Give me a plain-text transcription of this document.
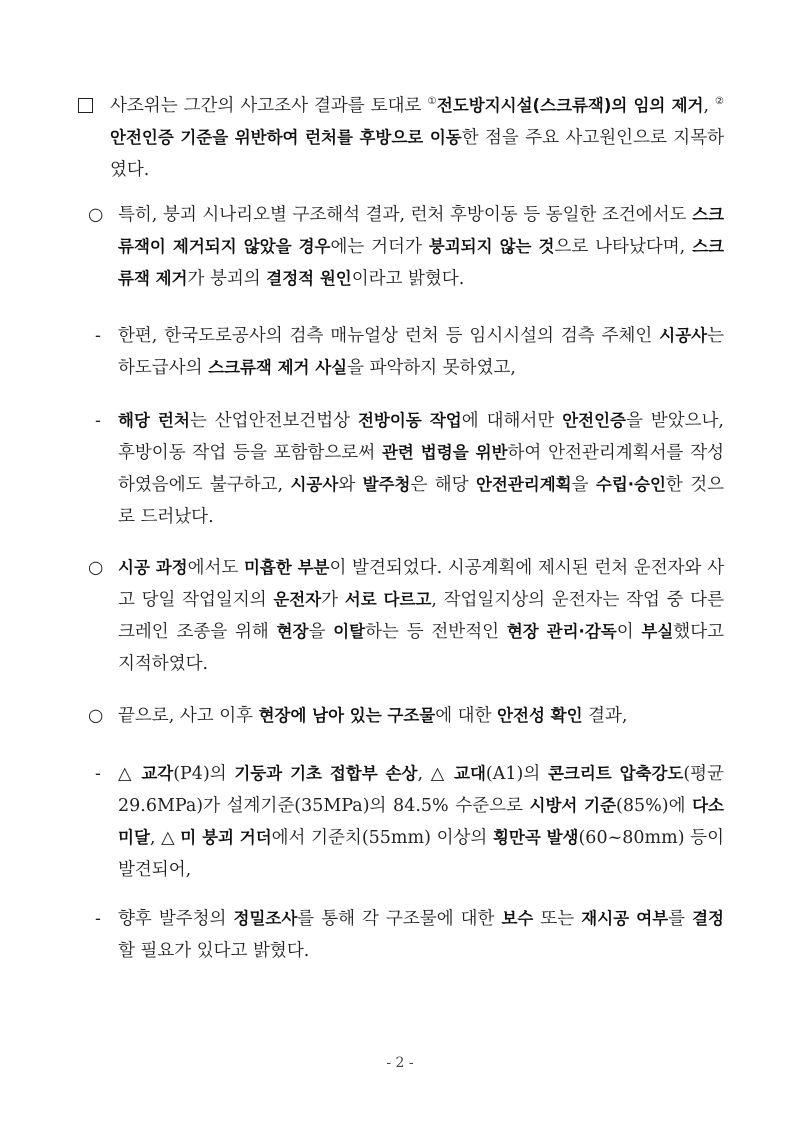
사조위는 그간의 사고조사 결과를 토대로 ①전도방지시설(스크류잭)의 임의 제거, ②안전인증 기준을 위반하여 런처를 후방으로 이동한 점을 주요 사고원인으로 지목하였다.
○ 특히, 붕괴 시나리오별 구조해석 결과, 런처 후방이동 등 동일한 조건에서도 스크류잭이 제거되지 않았을 경우에는 거더가 붕괴되지 않는 것으로 나타났다며, 스크류잭 제거가 붕괴의 결정적 원인이라고 밝혔다.
- 한편, 한국도로공사의 검측 매뉴얼상 런처 등 임시시설의 검측 주체인 시공사는 하도급사의 스크류잭 제거 사실을 파악하지 못하였고,
- 해당 런처는 산업안전보건법상 전방이동 작업에 대해서만 안전인증을 받았으나, 후방이동 작업 등을 포함함으로써 관련 법령을 위반하여 안전관리계획서를 작성하였음에도 불구하고, 시공사와 발주청은 해당 안전관리계획을 수립·승인한 것으로 드러났다.
○ 시공 과정에서도 미흡한 부분이 발견되었다. 시공계획에 제시된 런처 운전자와 사고 당일 작업일지의 운전자가 서로 다르고, 작업일지상의 운전자는 작업 중 다른 크레인 조종을 위해 현장을 이탈하는 등 전반적인 현장 관리·감독이 부실했다고 지적하였다.
○ 끝으로, 사고 이후 현장에 남아 있는 구조물에 대한 안전성 확인 결과,
- △ 교각(P4)의 기둥과 기초 접합부 손상, △ 교대(A1)의 콘크리트 압축강도(평균 29.6MPa)가 설계기준(35MPa)의 84.5% 수준으로 시방서 기준(85%)에 다소 미달, △ 미 붕괴 거더에서 기준치(55mm) 이상의 횡만곡 발생(60~80mm) 등이 발견되어,
- 향후 발주청의 정밀조사를 통해 각 구조물에 대한 보수 또는 재시공 여부를 결정할 필요가 있다고 밝혔다.
- 2 -
